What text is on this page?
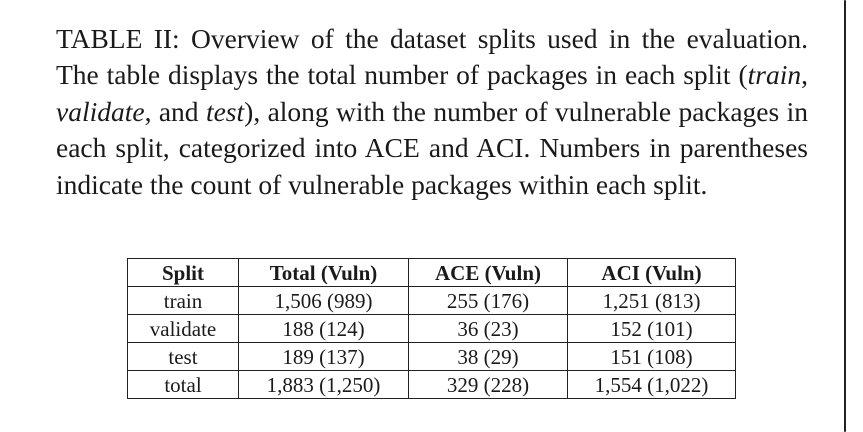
TABLE II: Overview of the dataset splits used in the evaluation. The table displays the total number of packages in each split (train, validate, and test), along with the number of vulnerable packages in each split, categorized into ACE and ACI. Numbers in parentheses indicate the count of vulnerable packages within each split.

Split	Total (Vuln)	ACE (Vuln)	ACI (Vuln)
train	1,506 (989)	255 (176)	1,251 (813)
validate	188 (124)	36 (23)	152 (101)
test	189 (137)	38 (29)	151 (108)
total	1,883 (1,250)	329 (228)	1,554 (1,022)
